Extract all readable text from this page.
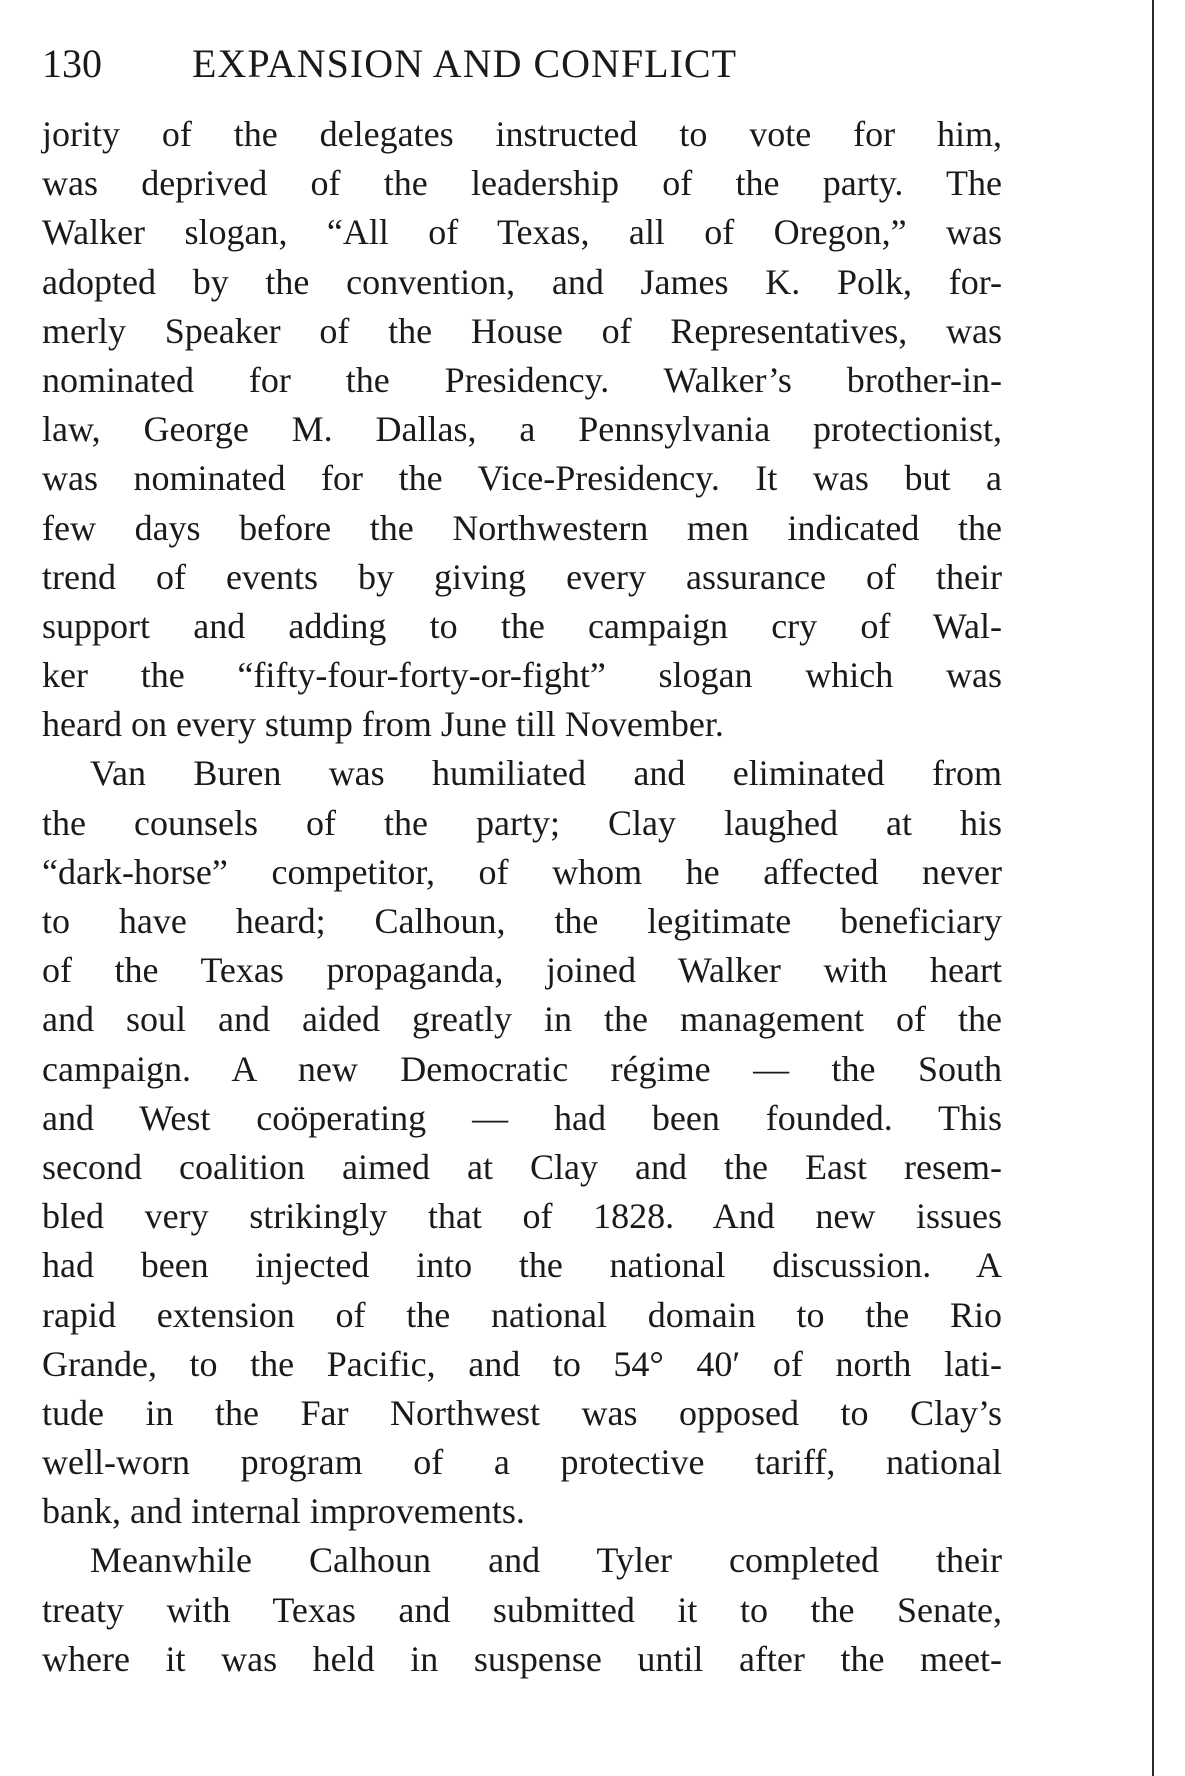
130 EXPANSION AND CONFLICT
jority of the delegates instructed to vote for him,
was deprived of the leadership of the party. The
Walker slogan, “All of Texas, all of Oregon,” was
adopted by the convention, and James K. Polk, for-
merly Speaker of the House of Representatives, was
nominated for the Presidency. Walker’s brother-in-
law, George M. Dallas, a Pennsylvania protectionist,
was nominated for the Vice-Presidency. It was but a
few days before the Northwestern men indicated the
trend of events by giving every assurance of their
support and adding to the campaign cry of Wal-
ker the “fifty-four-forty-or-fight” slogan which was
heard on every stump from June till November.
Van Buren was humiliated and eliminated from
the counsels of the party; Clay laughed at his
“dark-horse” competitor, of whom he affected never
to have heard; Calhoun, the legitimate beneficiary
of the Texas propaganda, joined Walker with heart
and soul and aided greatly in the management of the
campaign. A new Democratic régime — the South
and West coöperating — had been founded. This
second coalition aimed at Clay and the East resem-
bled very strikingly that of 1828. And new issues
had been injected into the national discussion. A
rapid extension of the national domain to the Rio
Grande, to the Pacific, and to 54° 40′ of north lati-
tude in the Far Northwest was opposed to Clay’s
well-worn program of a protective tariff, national
bank, and internal improvements.
Meanwhile Calhoun and Tyler completed their
treaty with Texas and submitted it to the Senate,
where it was held in suspense until after the meet-
